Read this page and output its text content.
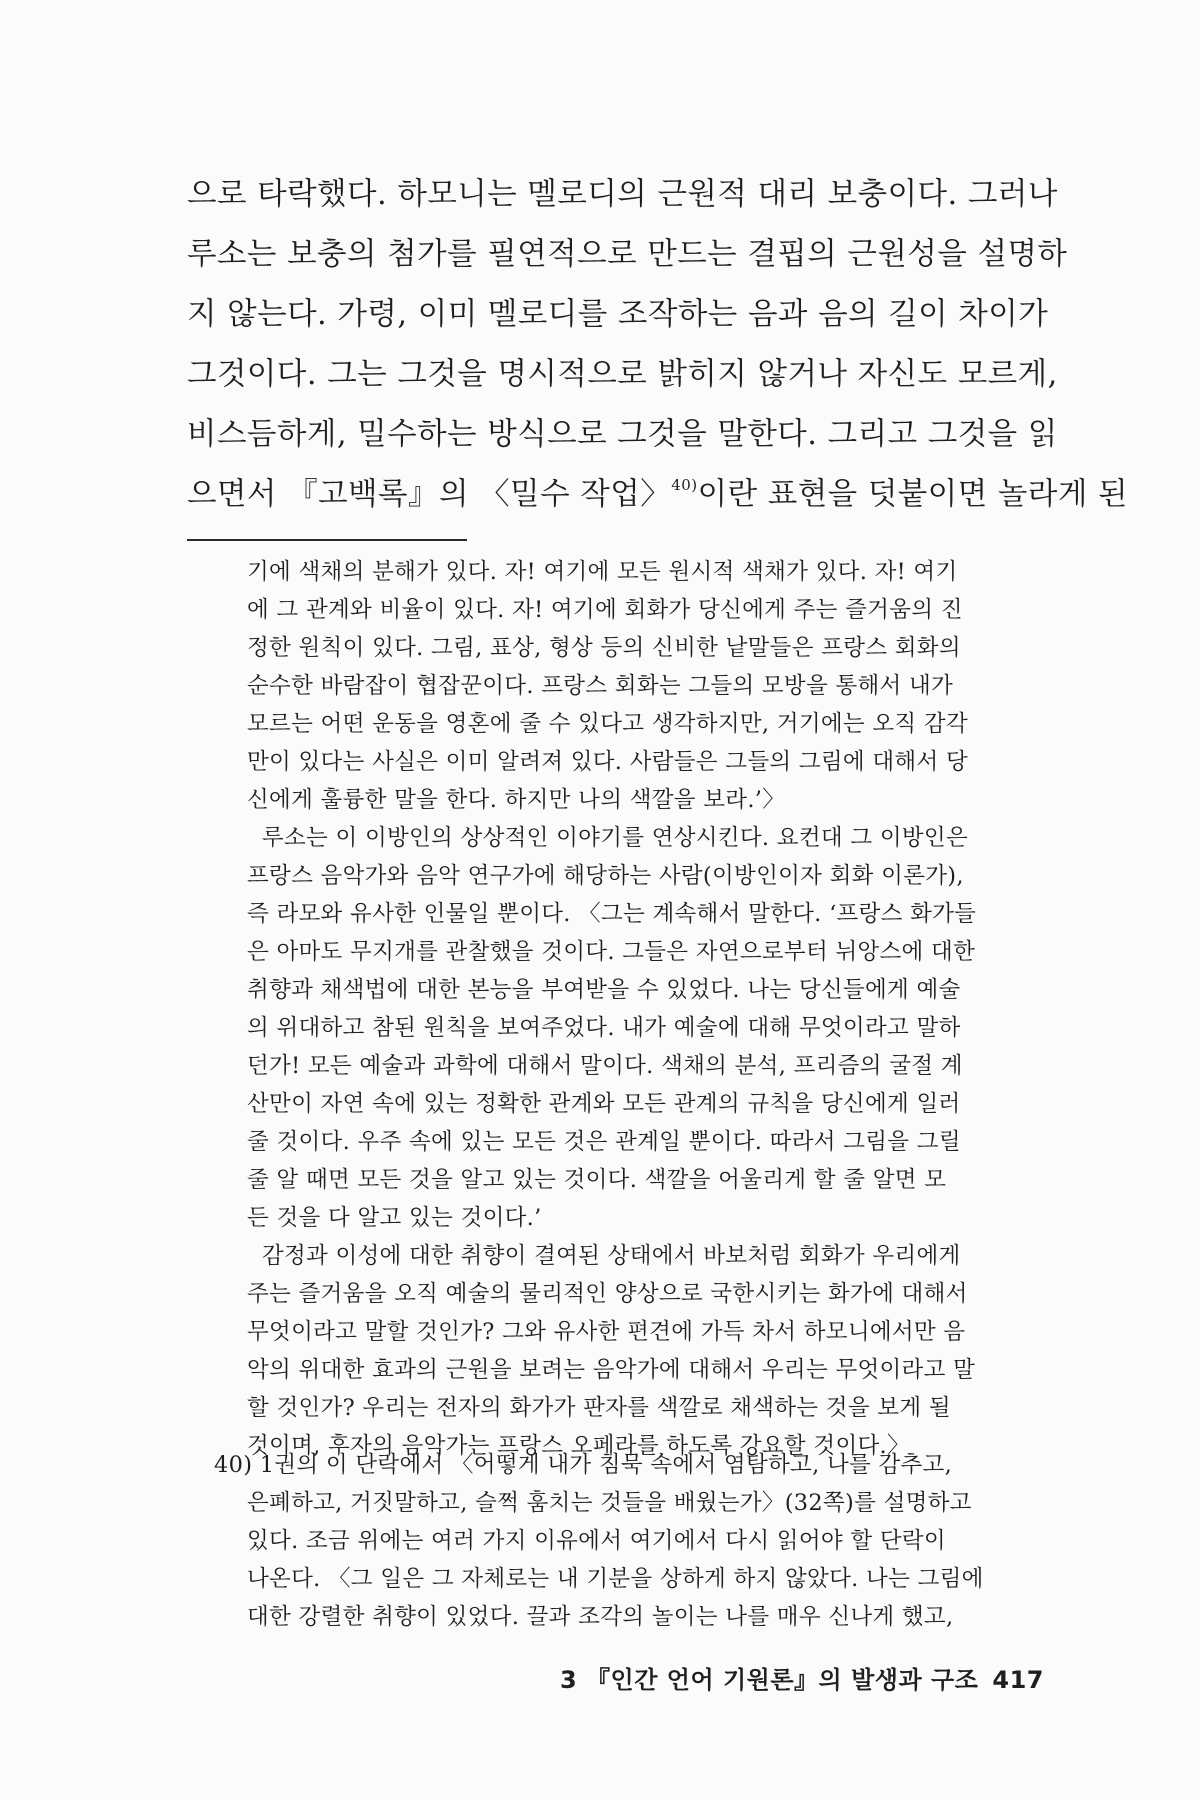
으로 타락했다. 하모니는 멜로디의 근원적 대리 보충이다. 그러나
루소는 보충의 첨가를 필연적으로 만드는 결핍의 근원성을 설명하
지 않는다. 가령, 이미 멜로디를 조작하는 음과 음의 길이 차이가
그것이다. 그는 그것을 명시적으로 밝히지 않거나 자신도 모르게,
비스듬하게, 밀수하는 방식으로 그것을 말한다. 그리고 그것을 읽
으면서 『고백록』의 〈밀수 작업〉$^{40)}$이란 표현을 덧붙이면 놀라게 된
기에 색채의 분해가 있다. 자! 여기에 모든 원시적 색채가 있다. 자! 여기
에 그 관계와 비율이 있다. 자! 여기에 회화가 당신에게 주는 즐거움의 진
정한 원칙이 있다. 그림, 표상, 형상 등의 신비한 낱말들은 프랑스 회화의
순수한 바람잡이 협잡꾼이다. 프랑스 회화는 그들의 모방을 통해서 내가
모르는 어떤 운동을 영혼에 줄 수 있다고 생각하지만, 거기에는 오직 감각
만이 있다는 사실은 이미 알려져 있다. 사람들은 그들의 그림에 대해서 당
신에게 훌륭한 말을 한다. 하지만 나의 색깔을 보라.’〉
루소는 이 이방인의 상상적인 이야기를 연상시킨다. 요컨대 그 이방인은
프랑스 음악가와 음악 연구가에 해당하는 사람(이방인이자 회화 이론가),
즉 라모와 유사한 인물일 뿐이다. 〈그는 계속해서 말한다. ‘프랑스 화가들
은 아마도 무지개를 관찰했을 것이다. 그들은 자연으로부터 뉘앙스에 대한
취향과 채색법에 대한 본능을 부여받을 수 있었다. 나는 당신들에게 예술
의 위대하고 참된 원칙을 보여주었다. 내가 예술에 대해 무엇이라고 말하
던가! 모든 예술과 과학에 대해서 말이다. 색채의 분석, 프리즘의 굴절 계
산만이 자연 속에 있는 정확한 관계와 모든 관계의 규칙을 당신에게 일러
줄 것이다. 우주 속에 있는 모든 것은 관계일 뿐이다. 따라서 그림을 그릴
줄 알 때면 모든 것을 알고 있는 것이다. 색깔을 어울리게 할 줄 알면 모
든 것을 다 알고 있는 것이다.’
감정과 이성에 대한 취향이 결여된 상태에서 바보처럼 회화가 우리에게
주는 즐거움을 오직 예술의 물리적인 양상으로 국한시키는 화가에 대해서
무엇이라고 말할 것인가? 그와 유사한 편견에 가득 차서 하모니에서만 음
악의 위대한 효과의 근원을 보려는 음악가에 대해서 우리는 무엇이라고 말
할 것인가? 우리는 전자의 화가가 판자를 색깔로 채색하는 것을 보게 될
것이며, 후자의 음악가는 프랑스 오페라를 하도록 강요할 것이다.〉
40) 1권의 이 단락에서 〈어떻게 내가 침묵 속에서 염탐하고, 나를 감추고,
은폐하고, 거짓말하고, 슬쩍 훔치는 것들을 배웠는가〉(32쪽)를 설명하고
있다. 조금 위에는 여러 가지 이유에서 여기에서 다시 읽어야 할 단락이
나온다. 〈그 일은 그 자체로는 내 기분을 상하게 하지 않았다. 나는 그림에
대한 강렬한 취향이 있었다. 끌과 조각의 놀이는 나를 매우 신나게 했고,
3 『인간 언어 기원론』의 발생과 구조 417
